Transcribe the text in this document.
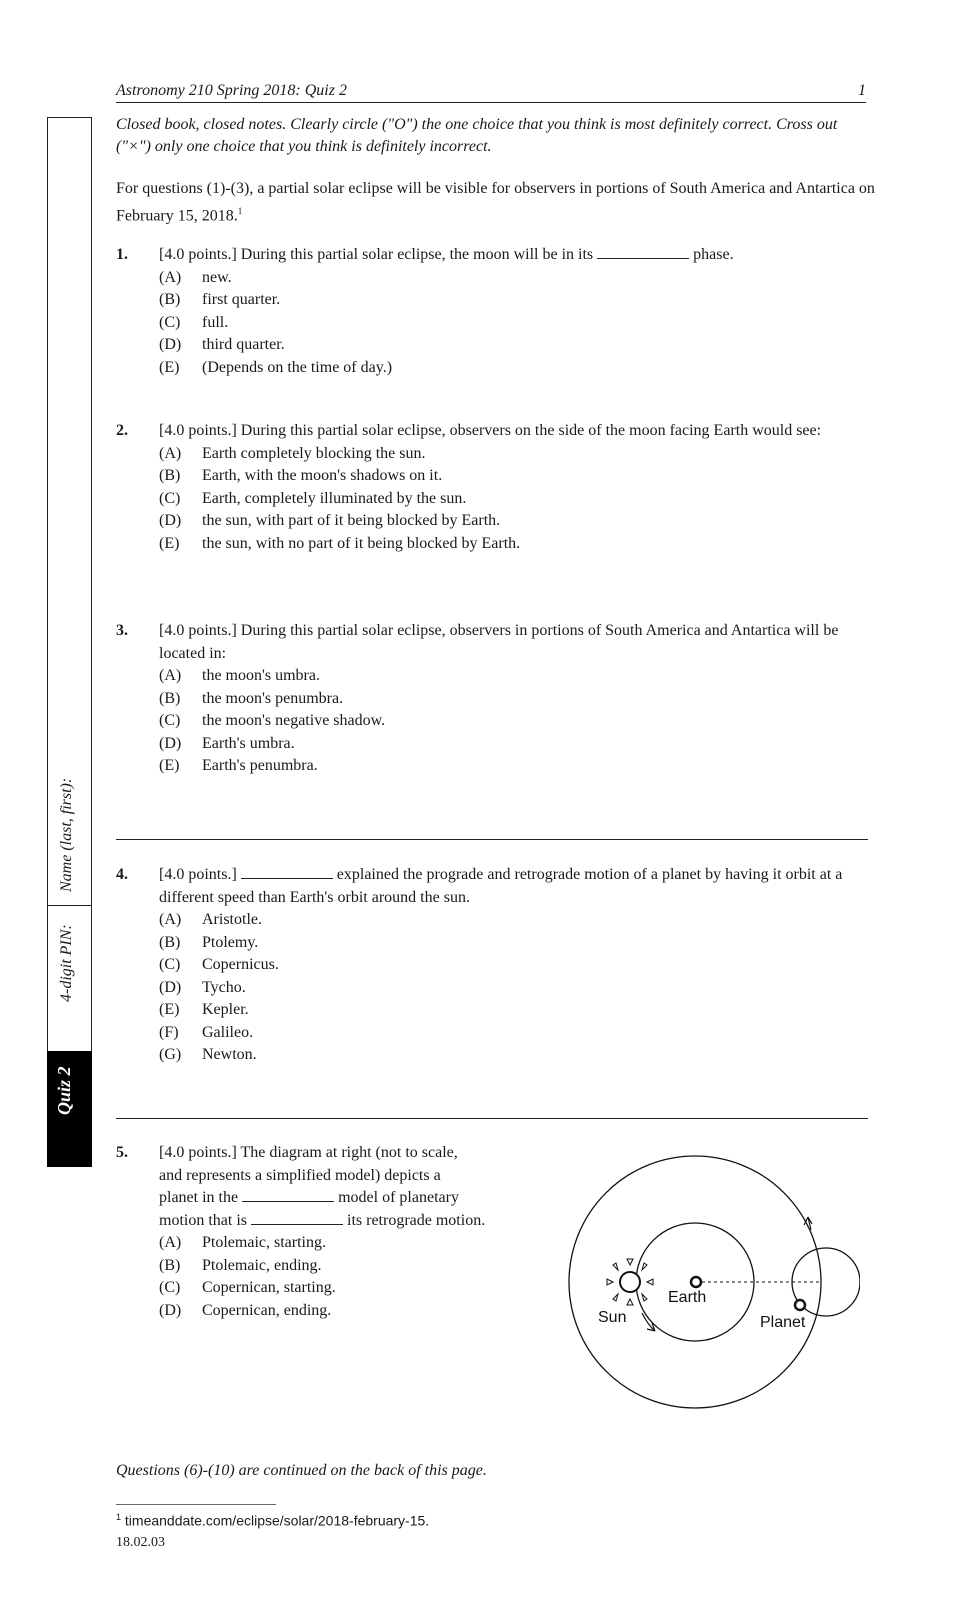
Astronomy 210 Spring 2018: Quiz 2	1
Name (last, first):
4-digit PIN:
Quiz 2
Closed book, closed notes. Clearly circle ("O") the one choice that you think is most definitely correct. Cross out ("×") only one choice that you think is definitely incorrect.
For questions (1)-(3), a partial solar eclipse will be visible for observers in portions of South America and Antartica on February 15, 2018.$^1$
1. [4.0 points.] During this partial solar eclipse, the moon will be in its	phase.
(A) new.
(B) first quarter.
(C) full.
(D) third quarter.
(E) (Depends on the time of day.)
2. [4.0 points.] During this partial solar eclipse, observers on the side of the moon facing Earth would see:
(A) Earth completely blocking the sun.
(B) Earth, with the moon's shadows on it.
(C) Earth, completely illuminated by the sun.
(D) the sun, with part of it being blocked by Earth.
(E) the sun, with no part of it being blocked by Earth.
3. [4.0 points.] During this partial solar eclipse, observers in portions of South America and Antartica will be located in:
(A) the moon's umbra.
(B) the moon's penumbra.
(C) the moon's negative shadow.
(D) Earth's umbra.
(E) Earth's penumbra.
4. [4.0 points.]	explained the prograde and retrograde motion of a planet by having it orbit at a different speed than Earth's orbit around the sun.
(A) Aristotle.
(B) Ptolemy.
(C) Copernicus.
(D) Tycho.
(E) Kepler.
(F) Galileo.
(G) Newton.
5. [4.0 points.] The diagram at right (not to scale,
and represents a simplified model) depicts a
planet in the	model of planetary
motion that is	its retrograde motion.
(A) Ptolemaic, starting.
(B) Ptolemaic, ending.
(C) Copernican, starting.
(D) Copernican, ending.	Sun
Earth
Planet
Questions (6)-(10) are continued on the back of this page.
$^1$ timeanddate.com/eclipse/solar/2018-february-15.
18.02.03
